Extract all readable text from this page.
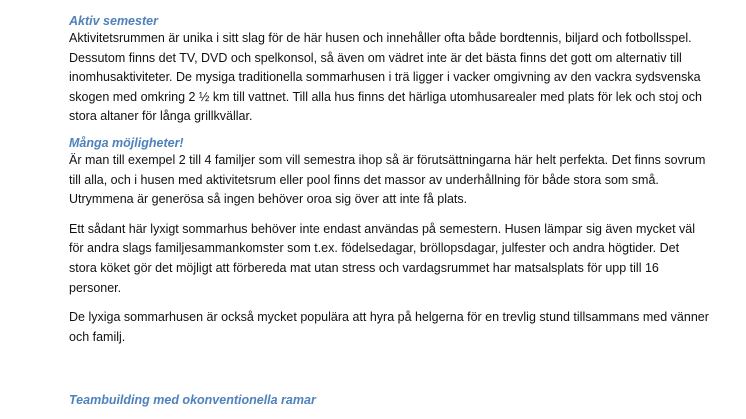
Aktiv semester

Aktivitetsrummen är unika i sitt slag för de här husen och innehåller ofta både bordtennis, biljard och fotbollsspel. Dessutom finns det TV, DVD och spelkonsol, så även om vädret inte är det bästa finns det gott om alternativ till inomhusaktiviteter. De mysiga traditionella sommarhusen i trä ligger i vacker omgivning av den vackra sydsvenska skogen med omkring 2 ½ km till vattnet. Till alla hus finns det härliga utomhusarealer med plats för lek och stoj och stora altaner för långa grillkvällar.

Många möjligheter!

Är man till exempel 2 till 4 familjer som vill semestra ihop så är förutsättningarna här helt perfekta. Det finns sovrum till alla, och i husen med aktivitetsrum eller pool finns det massor av underhållning för både stora som små. Utrymmena är generösa så ingen behöver oroa sig över att inte få plats.

Ett sådant här lyxigt sommarhus behöver inte endast användas på semestern. Husen lämpar sig även mycket väl för andra slags familjesammankomster som t.ex. födelsedagar, bröllopsdagar, julfester och andra högtider. Det stora köket gör det möjligt att förbereda mat utan stress och vardagsrummet har matsalsplats för upp till 16 personer.

De lyxiga sommarhusen är också mycket populära att hyra på helgerna för en trevlig stund tillsammans med vänner och familj.

Teambuilding med okonventionella ramar
